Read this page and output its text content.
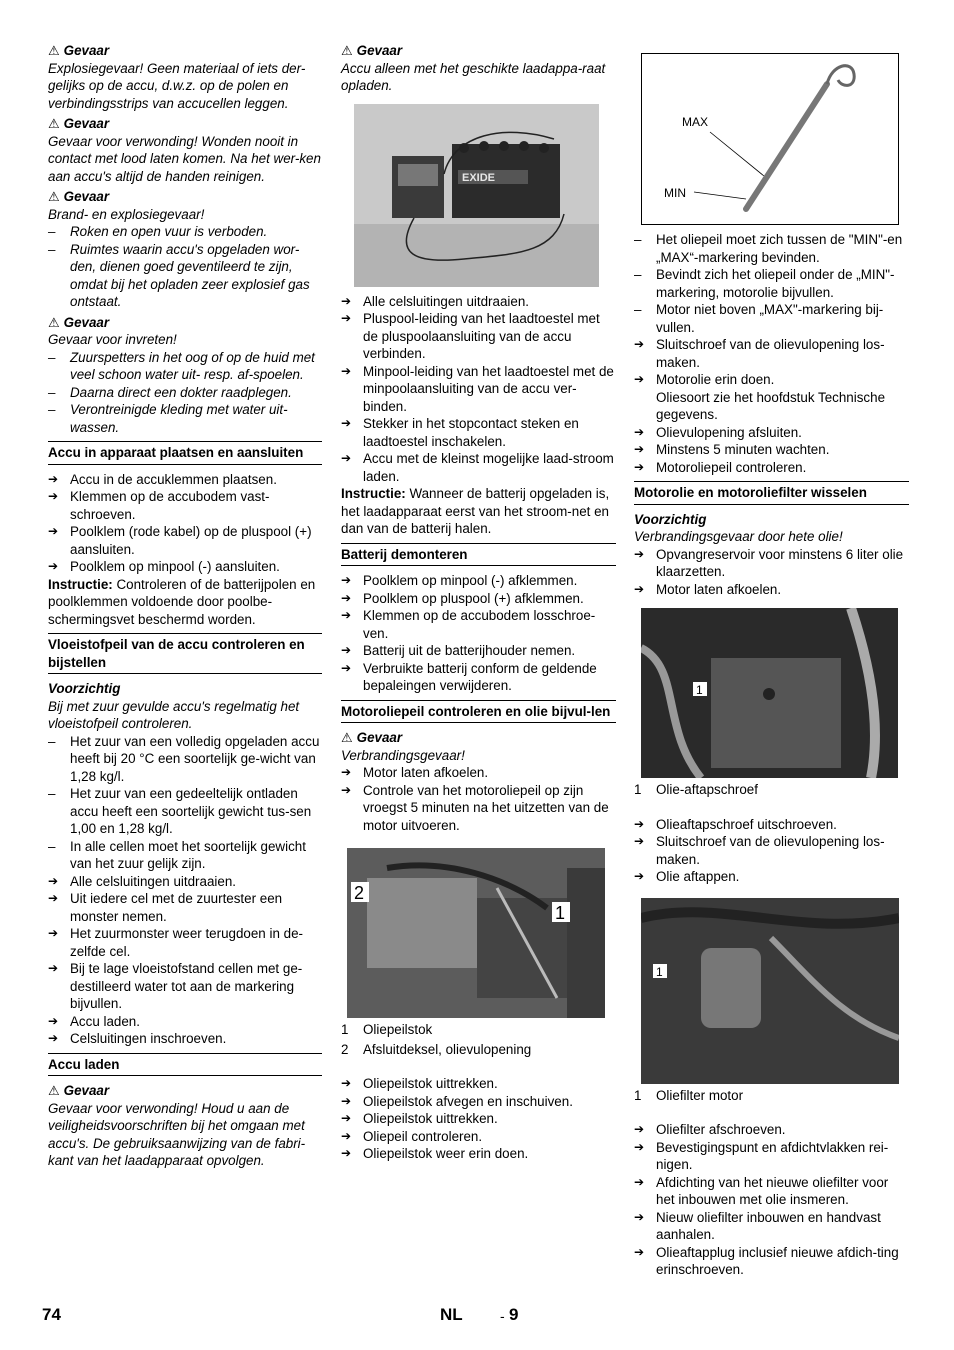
⚠ Gevaar

Explosiegevaar! Geen materiaal of iets der-gelijks op de accu, d.w.z. op de polen en verbindingsstrips van accucellen leggen.

⚠ Gevaar

Gevaar voor verwonding! Wonden nooit in contact met lood laten komen. Na het wer-ken aan accu's altijd de handen reinigen.

⚠ Gevaar

Brand- en explosiegevaar!

–	Roken en open vuur is verboden.
–	Ruimtes waarin accu's opgeladen wor-den, dienen goed geventileerd te zijn, omdat bij het opladen zeer explosief gas ontstaat.

⚠ Gevaar

Gevaar voor invreten!

–	Zuurspetters in het oog of op de huid met veel schoon water uit- resp. af-spoelen.
–	Daarna direct een dokter raadplegen.
–	Verontreinigde kleding met water uit-wassen.
Accu in apparaat plaatsen en aansluiten
➔ Accu in de accuklemmen plaatsen.
➔ Klemmen op de accubodem vast-schroeven.
➔ Poolklem (rode kabel) op de pluspool (+) aansluiten.
➔ Poolklem op minpool (-) aansluiten.

Instructie: Controleren of de batterijpolen en poolklemmen voldoende door poolbe-schermingsvet beschermd worden.

Vloeistofpeil van de accu controleren en bijstellen

Voorzichtig

Bij met zuur gevulde accu's regelmatig het vloeistofpeil controleren.

–	Het zuur van een volledig opgeladen accu heeft bij 20 °C een soortelijk ge-wicht van 1,28 kg/l.
–	Het zuur van een gedeeltelijk ontladen accu heeft een soortelijk gewicht tus-sen 1,00 en 1,28 kg/l.
–	In alle cellen moet het soortelijk gewicht van het zuur gelijk zijn.
➔ Alle celsluitingen uitdraaien.
➔ Uit iedere cel met de zuurtester een monster nemen.
➔ Het zuurmonster weer terugdoen in de-zelfde cel.
➔ Bij te lage vloeistofstand cellen met ge-destilleerd water tot aan de markering bijvullen.
➔ Accu laden.
➔ Celsluitingen inschroeven.
Accu laden

⚠ Gevaar

Gevaar voor verwonding! Houd u aan de veiligheidsvoorschriften bij het omgaan met accu's. De gebruiksaanwijzing van de fabri-kant van het laadapparaat opvolgen.

⚠ Gevaar

Accu alleen met het geschikte laadappa-raat opladen.

EXIDE
➔ Alle celsluitingen uitdraaien.
➔ Pluspool-leiding van het laadtoestel met de pluspoolaansluiting van de accu verbinden.
➔ Minpool-leiding van het laadtoestel met de minpoolaansluiting van de accu ver-binden.
➔ Stekker in het stopcontact steken en laadtoestel inschakelen.
➔ Accu met de kleinst mogelijke laad-stroom laden.

Instructie: Wanneer de batterij opgeladen is, het laadapparaat eerst van het stroom-net en dan van de batterij halen.

Batterij demonteren
➔ Poolklem op minpool (-) afklemmen.
➔ Poolklem op pluspool (+) afklemmen.
➔ Klemmen op de accubodem losschroe-ven.
➔ Batterij uit de batterijhouder nemen.
➔ Verbruikte batterij conform de geldende bepaleingen verwijderen.
Motoroliepeil controleren en olie bijvul-len

⚠ Gevaar

Verbrandingsgevaar!

➔ Motor laten afkoelen.
➔ Controle van het motoroliepeil op zijn vroegst 5 minuten na het uitzetten van de motor uitvoeren.
2
1
1	Oliepeilstok
2	Afsluitdeksel, olievulopening
➔ Oliepeilstok uittrekken.
➔ Oliepeilstok afvegen en inschuiven.
➔ Oliepeilstok uittrekken.
➔ Oliepeil controleren.
➔ Oliepeilstok weer erin doen.
MAX
MIN
–	Het oliepeil moet zich tussen de "MIN"-en „MAX“-markering bevinden.
–	Bevindt zich het oliepeil onder de „MIN"-markering, motorolie bijvullen.
–	Motor niet boven „MAX"-markering bij-vullen.
➔ Sluitschroef van de olievulopening los-maken.
➔ Motorolie erin doen.
Oliesoort zie het hoofdstuk Technische gegevens.
➔ Olievulopening afsluiten.
➔ Minstens 5 minuten wachten.
➔ Motoroliepeil controleren.
Motorolie en motoroliefilter wisselen

Voorzichtig

Verbrandingsgevaar door hete olie!

➔ Opvangreservoir voor minstens 6 liter olie klaarzetten.
➔ Motor laten afkoelen.
1
1	Olie-aftapschroef
➔ Olieaftapschroef uitschroeven.
➔ Sluitschroef van de olievulopening los-maken.
➔ Olie aftappen.
1
1	Oliefilter motor
➔ Oliefilter afschroeven.
➔ Bevestigingspunt en afdichtvlakken rei-nigen.
➔ Afdichting van het nieuwe oliefilter voor het inbouwen met olie insmeren.
➔ Nieuw oliefilter inbouwen en handvast aanhalen.
➔ Olieaftapplug inclusief nieuwe afdich-ting erinschroeven.
74	NL	- 9
